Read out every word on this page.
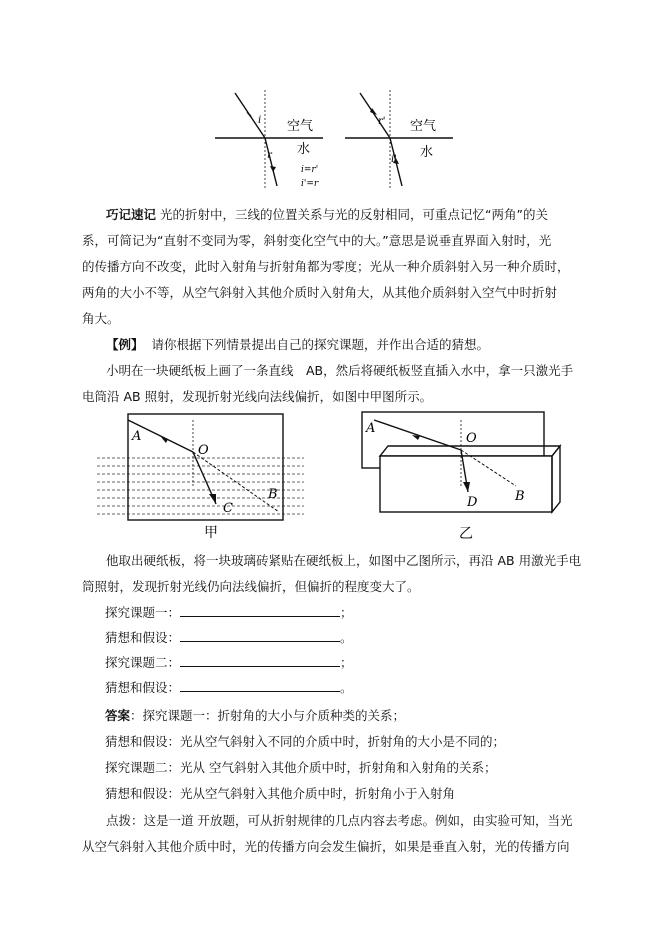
i
r
空气
水
i=r'
i'=r
r'
i'
空气
水

巧记速记 光的折射中，三线的位置关系与光的反射相同，可重点记忆“两角”的关

系，可简记为“直射不变同为零，斜射变化空气中的大。”意思是说垂直界面入射时，光

的传播方向不改变，此时入射角与折射角都为零度；光从一种介质斜射入另一种介质时，

两角的大小不等，从空气斜射入其他介质时入射角大，从其他介质斜射入空气中时折射

角大。

【例】 请你根据下列情景提出自己的探究课题，并作出合适的猜想。

小明在一块硬纸板上画了一条直线　AB，然后将硬纸板竖直插入水中，拿一只激光手

电筒沿 AB 照射，发现折射光线向法线偏折，如图中甲图所示。

A
O
B
C
甲
A
O
B
D
乙

他取出硬纸板，将一块玻璃砖紧贴在硬纸板上，如图中乙图所示，再沿 AB 用激光手电

筒照射，发现折射光线仍向法线偏折，但偏折的程度变大了。

探究课题一：	；
猜想和假设：	。
探究课题二：	；
猜想和假设：	。
答案：探究课题一：折射角的大小与介质种类的关系；
猜想和假设：光从空气斜射入不同的介质中时，折射角的大小是不同的；
探究课题二：光从 空气斜射入其他介质中时，折射角和入射角的关系；
猜想和假设：光从空气斜射入其他介质中时，折射角小于入射角

点拨：这是一道 开放题，可从折射规律的几点内容去考虑。例如，由实验可知，当光

从空气斜射入其他介质中时，光的传播方向会发生偏折，如果是垂直入射，光的传播方向
